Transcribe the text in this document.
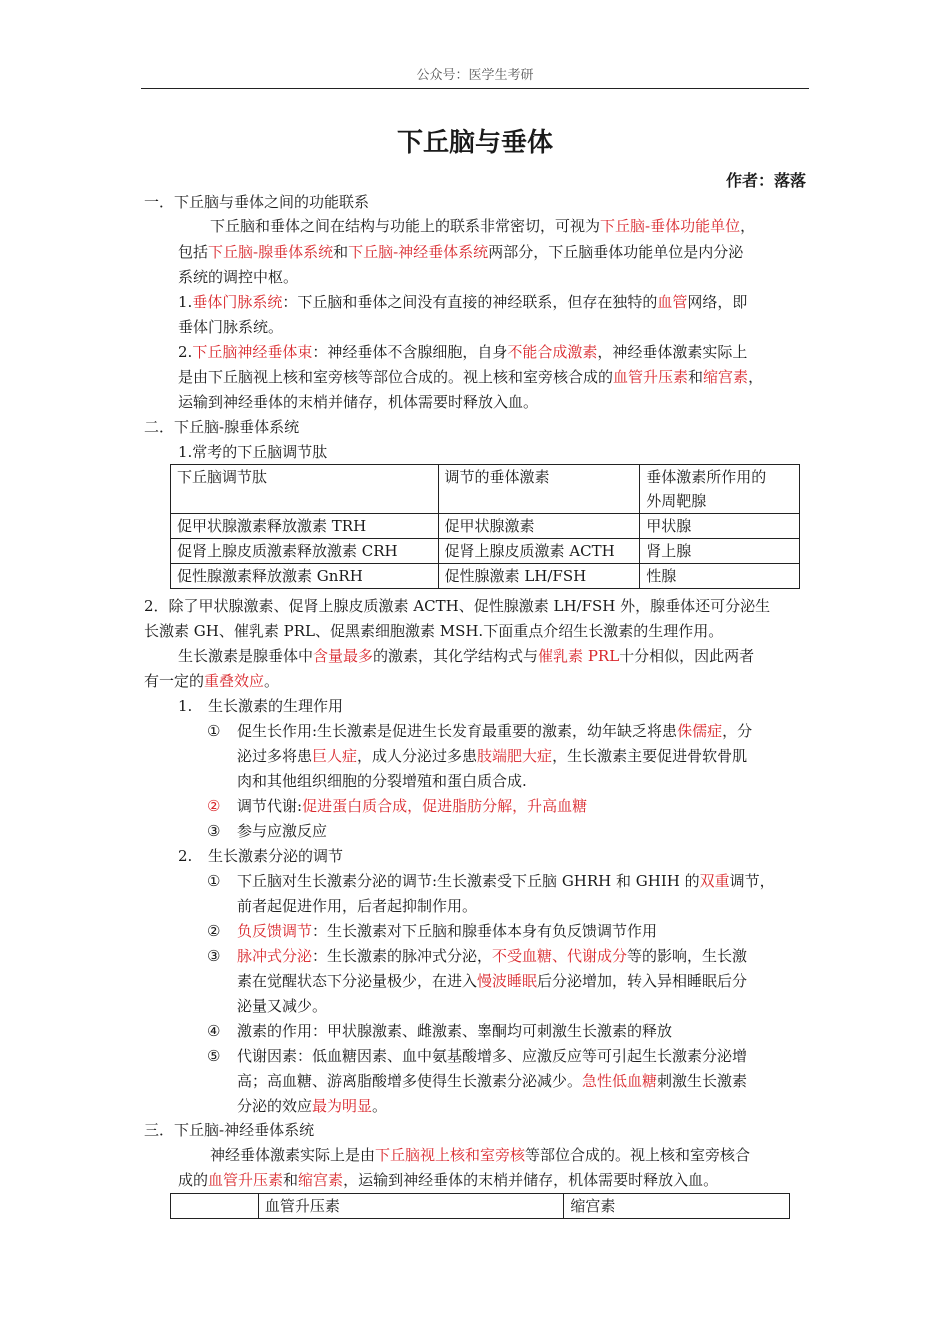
公众号：医学生考研
下丘脑与垂体
作者：落落
一．下丘脑与垂体之间的功能联系
下丘脑和垂体之间在结构与功能上的联系非常密切，可视为下丘脑-垂体功能单位，
包括下丘脑-腺垂体系统和下丘脑-神经垂体系统两部分，下丘脑垂体功能单位是内分泌
系统的调控中枢。
1.垂体门脉系统：下丘脑和垂体之间没有直接的神经联系，但存在独特的血管网络，即
垂体门脉系统。
2.下丘脑神经垂体束：神经垂体不含腺细胞，自身不能合成激素，神经垂体激素实际上
是由下丘脑视上核和室旁核等部位合成的。视上核和室旁核合成的血管升压素和缩宫素，
运输到神经垂体的末梢并储存，机体需要时释放入血。
二．下丘脑-腺垂体系统
1.常考的下丘脑调节肽
下丘脑调节肽	调节的垂体激素	垂体激素所作用的
外周靶腺
促甲状腺激素释放激素 TRH	促甲状腺激素	甲状腺
促肾上腺皮质激素释放激素 CRH	促肾上腺皮质激素 ACTH	肾上腺
促性腺激素释放激素 GnRH	促性腺激素 LH/FSH	性腺
2．除了甲状腺激素、促肾上腺皮质激素 ACTH、促性腺激素 LH/FSH 外，腺垂体还可分泌生
长激素 GH、催乳素 PRL、促黑素细胞激素 MSH.下面重点介绍生长激素的生理作用。
生长激素是腺垂体中含量最多的激素，其化学结构式与催乳素 PRL十分相似，因此两者
有一定的重叠效应。
1. 生长激素的生理作用
① 促生长作用:生长激素是促进生长发育最重要的激素，幼年缺乏将患侏儒症，分
泌过多将患巨人症，成人分泌过多患肢端肥大症，生长激素主要促进骨软骨肌
肉和其他组织细胞的分裂增殖和蛋白质合成.
② 调节代谢:促进蛋白质合成，促进脂肪分解，升高血糖
③ 参与应激反应
2. 生长激素分泌的调节
① 下丘脑对生长激素分泌的调节:生长激素受下丘脑 GHRH 和 GHIH 的双重调节，
前者起促进作用，后者起抑制作用。
② 负反馈调节：生长激素对下丘脑和腺垂体本身有负反馈调节作用
③ 脉冲式分泌：生长激素的脉冲式分泌，不受血糖、代谢成分等的影响，生长激
素在觉醒状态下分泌量极少，在进入慢波睡眠后分泌增加，转入异相睡眠后分
泌量又减少。
④ 激素的作用：甲状腺激素、雌激素、睾酮均可刺激生长激素的释放
⑤ 代谢因素：低血糖因素、血中氨基酸增多、应激反应等可引起生长激素分泌增
高；高血糖、游离脂酸增多使得生长激素分泌减少。急性低血糖刺激生长激素
分泌的效应最为明显。
三．下丘脑-神经垂体系统
神经垂体激素实际上是由下丘脑视上核和室旁核等部位合成的。视上核和室旁核合
成的血管升压素和缩宫素，运输到神经垂体的末梢并储存，机体需要时释放入血。
	血管升压素	缩宫素
